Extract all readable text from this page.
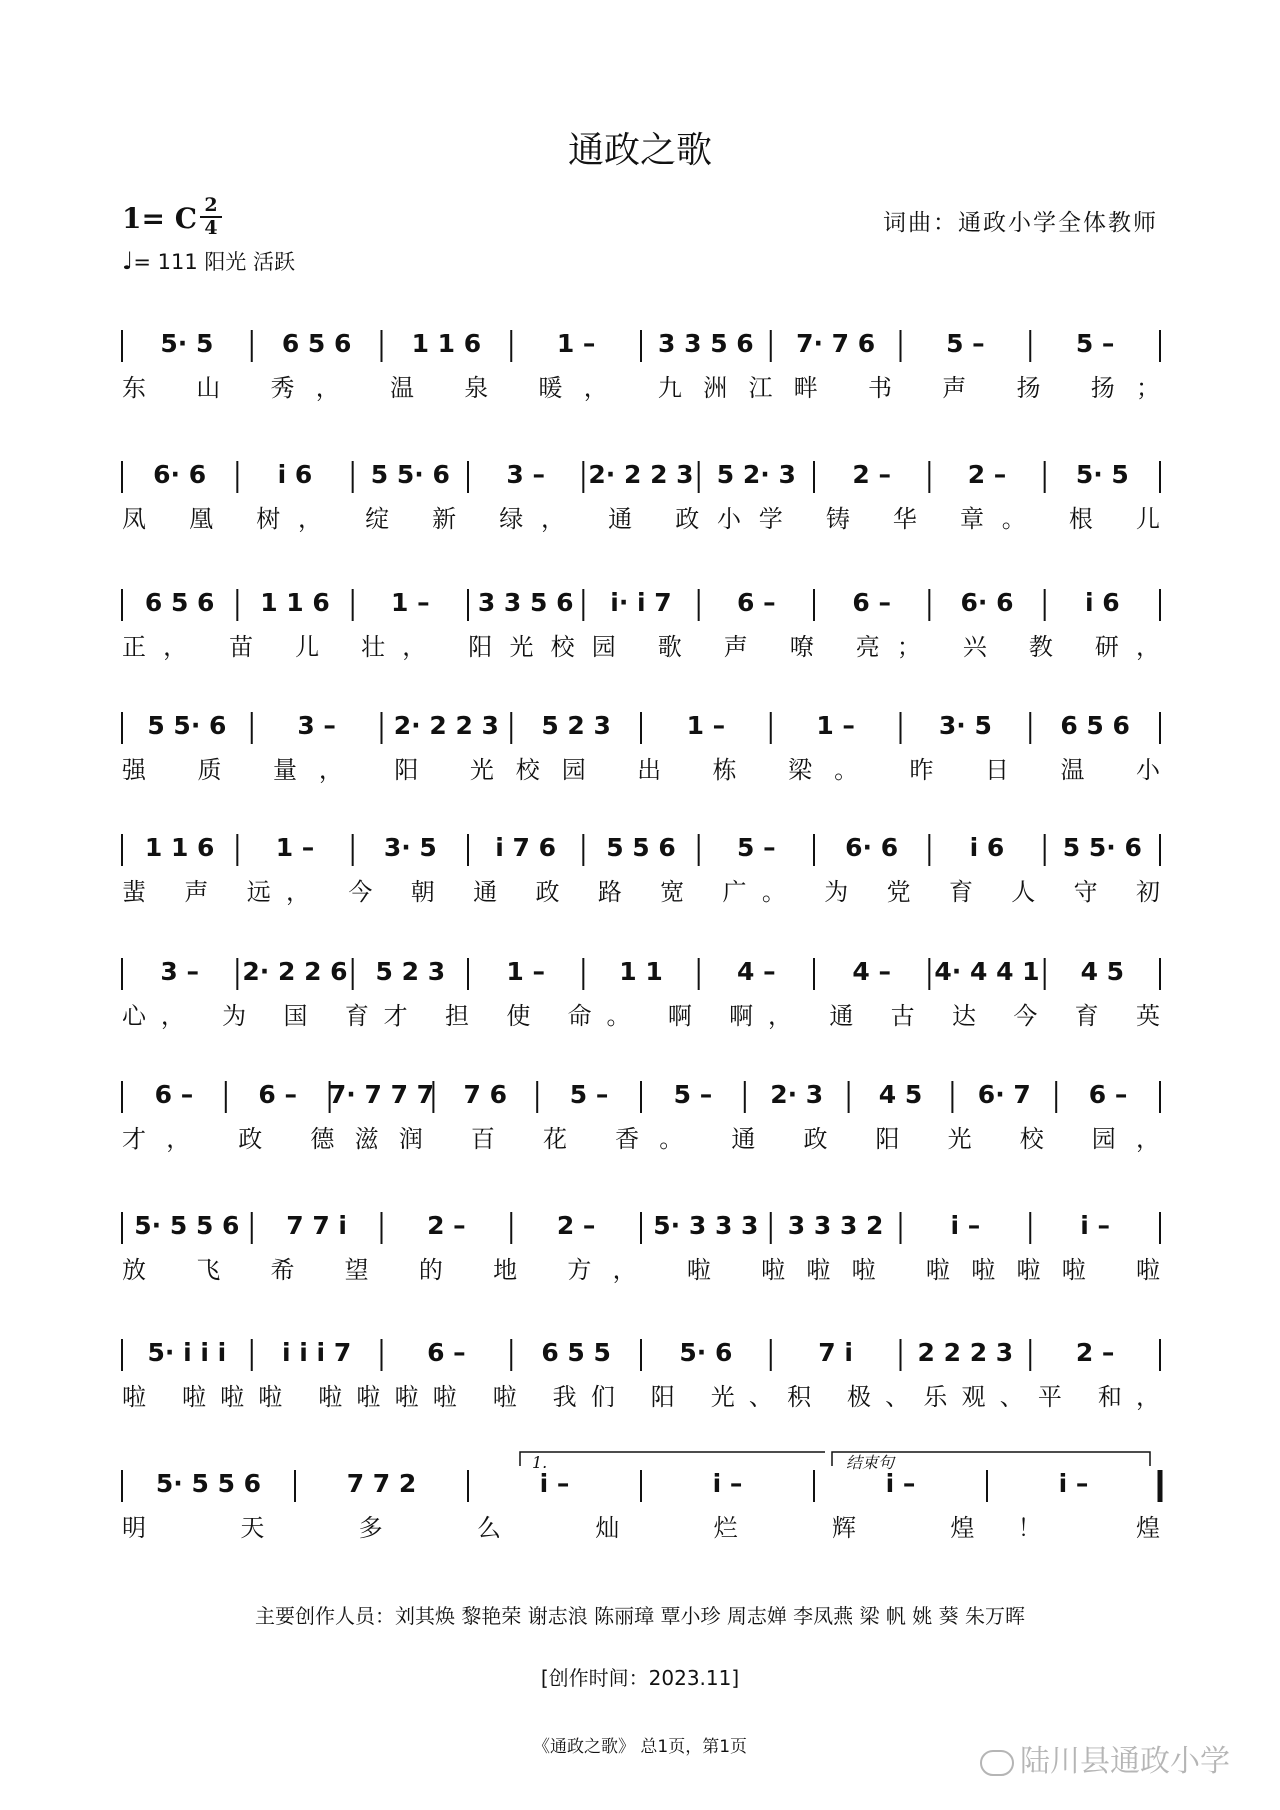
通政之歌
1= C 2
4
♩= 111 阳光 活跃
词曲：通政小学全体教师
5· 5	6 5 6 1 1 6	1 –	3 3 5 6 7· 7 6	5 –	5 –
东 山 秀， 温 泉 暖， 九洲江畔 书 声 扬 扬；
6· 6	i 6 5 5· 6 3 – 2· 2 2 3 5 2· 3 2 –	2 –	5· 5
凤 凰 树， 绽 新 绿， 通 政小学 铸 华 章。 根 儿
6 5 6 1 1 6 1 – 3 3 5 6 i· i 7	6 –	6 –	6· 6	i 6
正， 苗 儿 壮， 阳光校园 歌 声 嘹 亮； 兴 教 研，
5 5· 6	3 – 2· 2 2 3 5 2 3	1 –	1 –	3· 5	6 5 6
强 质 量， 阳 光校园 出 栋 梁。 昨 日 温 小
1 1 6 1 –	3· 5 i 7 6 5 5 6 5 –	6· 6	i 6 5 5· 6
蜚 声 远， 今 朝 通 政 路 宽 广。 为 党 育 人 守 初
3 – 2· 2 2 6 5 2 3 1 –	1 1	4 –	4 – 4· 4 4 1 4 5
心， 为 国 育才 担 使 命。 啊 啊， 通 古 达 今 育 英
6 –	6 – 7· 7 7 7 7 6	5 –	5 – 2· 3 4 5 6· 7 6 –
才， 政 德滋润 百 花 香。 通 政 阳 光 校 园，
5· 5 5 6 7 7 i	2 –	2 – 5· 3 3 3 3 3 3 2	i –	i –
放 飞 希 望 的 地 方， 啦 啦啦啦 啦啦啦啦 啦
5· i i i i i i 7	6 –	6 5 5	5· 6	7 i	2 2 2 3	2 –
啦 啦啦啦 啦啦啦啦 啦 我们 阳 光、积 极、乐观、平 和，
5· 5 5 6	7 7 2	i –	i –	i –	i –
明 天 多 么 灿 烂 辉 煌！ 煌
1.	结束句
主要创作人员：刘其焕 黎艳荣 谢志浪 陈丽璋 覃小珍 周志婵 李凤燕 梁 帆 姚 葵 朱万晖
[创作时间：2023.11]
《通政之歌》 总1页，第1页	陆川县通政小学
